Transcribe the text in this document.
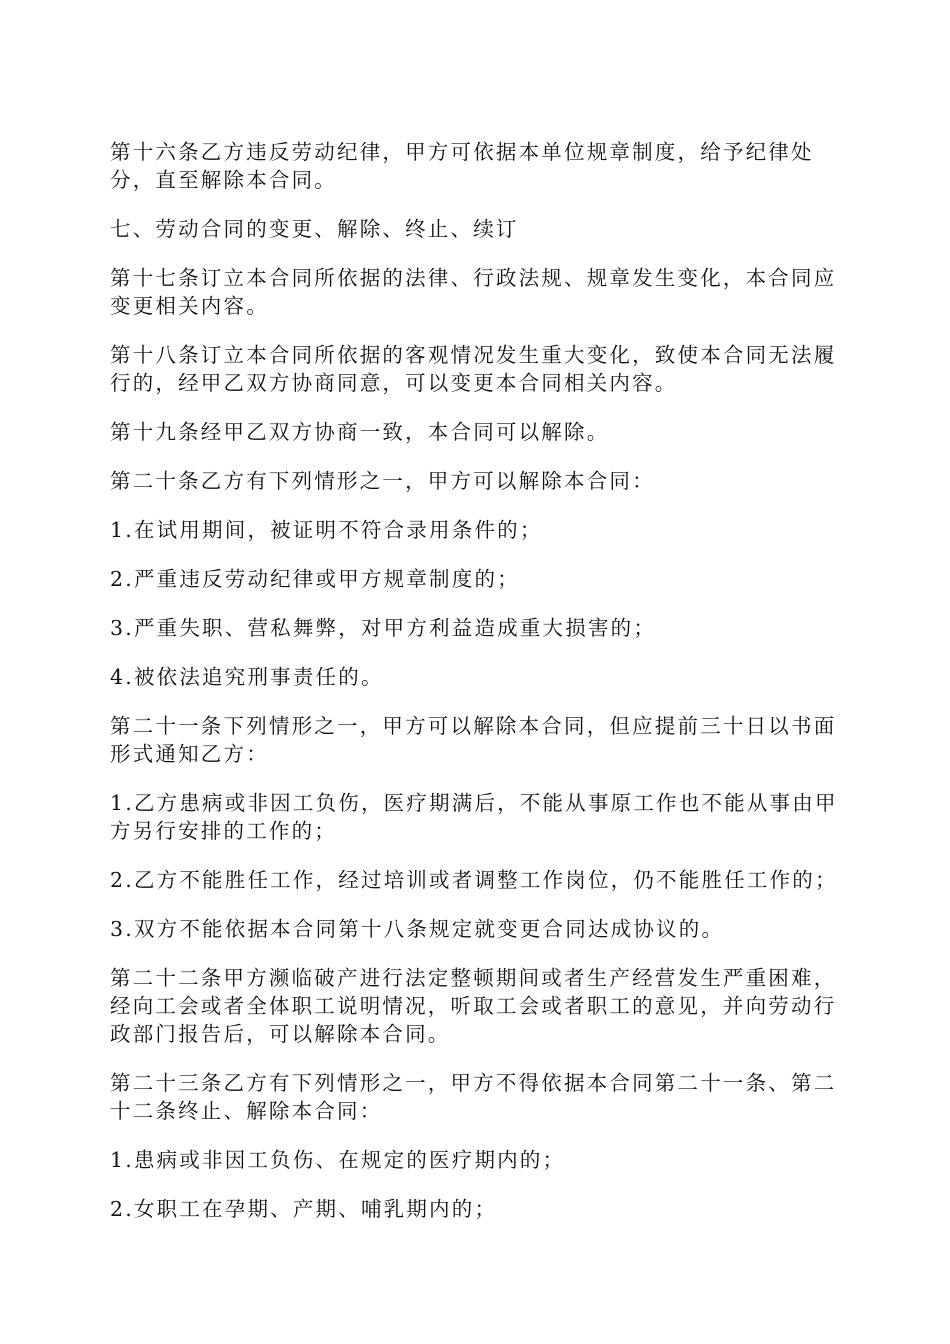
第十六条乙方违反劳动纪律，甲方可依据本单位规章制度，给予纪律处分，直至解除本合同。

七、劳动合同的变更、解除、终止、续订

第十七条订立本合同所依据的法律、行政法规、规章发生变化，本合同应变更相关内容。

第十八条订立本合同所依据的客观情况发生重大变化，致使本合同无法履行的，经甲乙双方协商同意，可以变更本合同相关内容。

第十九条经甲乙双方协商一致，本合同可以解除。

第二十条乙方有下列情形之一，甲方可以解除本合同：

1.在试用期间，被证明不符合录用条件的；

2.严重违反劳动纪律或甲方规章制度的；

3.严重失职、营私舞弊，对甲方利益造成重大损害的；

4.被依法追究刑事责任的。

第二十一条下列情形之一，甲方可以解除本合同，但应提前三十日以书面形式通知乙方：

1.乙方患病或非因工负伤，医疗期满后，不能从事原工作也不能从事由甲方另行安排的工作的；

2.乙方不能胜任工作，经过培训或者调整工作岗位，仍不能胜任工作的；

3.双方不能依据本合同第十八条规定就变更合同达成协议的。

第二十二条甲方濒临破产进行法定整顿期间或者生产经营发生严重困难，经向工会或者全体职工说明情况，听取工会或者职工的意见，并向劳动行政部门报告后，可以解除本合同。

第二十三条乙方有下列情形之一，甲方不得依据本合同第二十一条、第二十二条终止、解除本合同：

1.患病或非因工负伤、在规定的医疗期内的；

2.女职工在孕期、产期、哺乳期内的；
